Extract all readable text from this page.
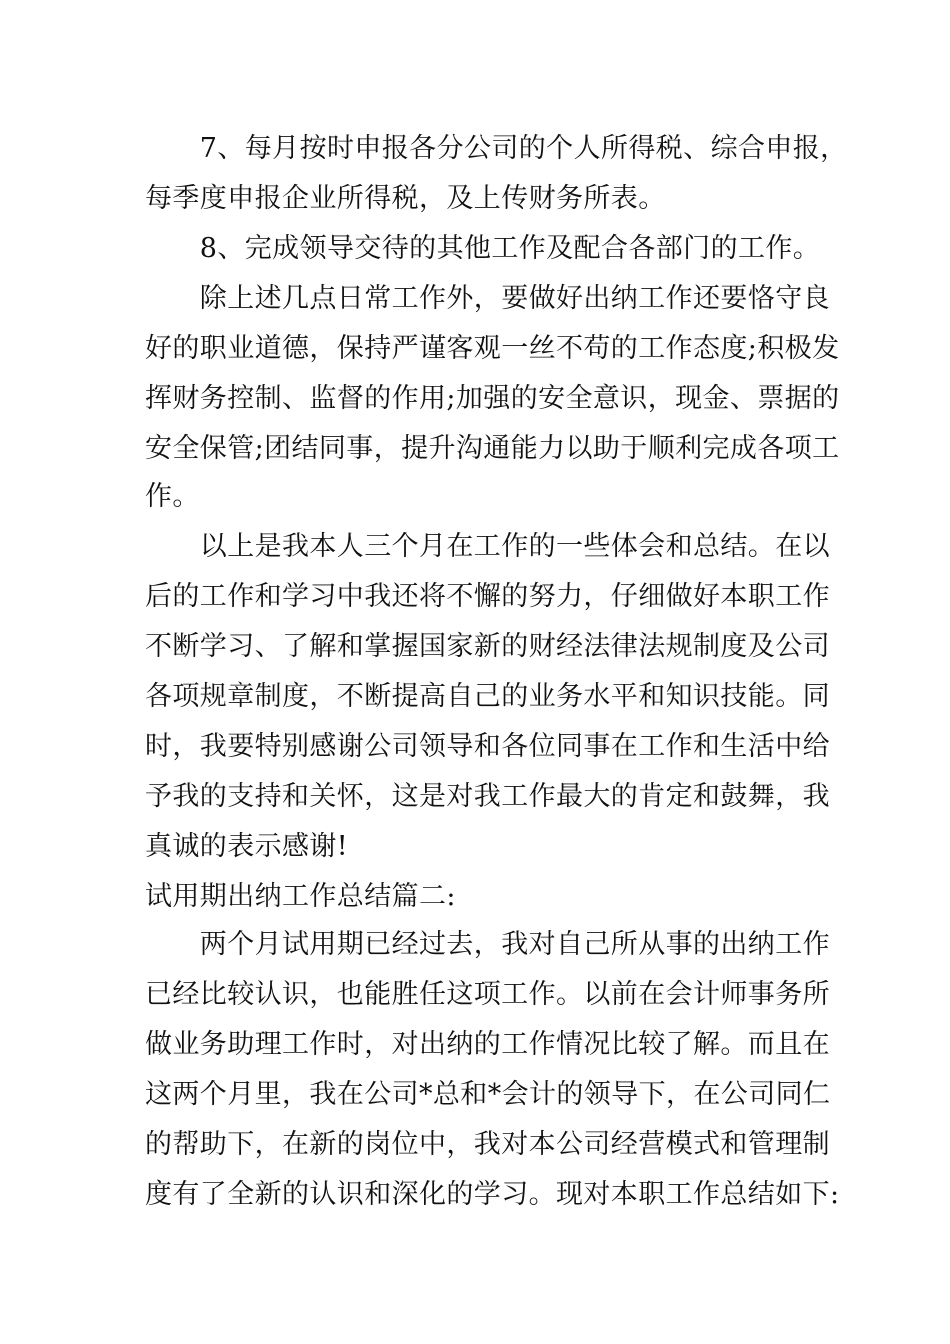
　　7、每月按时申报各分公司的个人所得税、综合申报，
每季度申报企业所得税，及上传财务所表。
　　8、完成领导交待的其他工作及配合各部门的工作。
　　除上述几点日常工作外，要做好出纳工作还要恪守良
好的职业道德，保持严谨客观一丝不苟的工作态度;积极发
挥财务控制、监督的作用;加强的安全意识，现金、票据的
安全保管;团结同事，提升沟通能力以助于顺利完成各项工
作。
　　以上是我本人三个月在工作的一些体会和总结。在以
后的工作和学习中我还将不懈的努力，仔细做好本职工作
不断学习、了解和掌握国家新的财经法律法规制度及公司
各项规章制度，不断提高自己的业务水平和知识技能。同
时，我要特别感谢公司领导和各位同事在工作和生活中给
予我的支持和关怀，这是对我工作最大的肯定和鼓舞，我
真诚的表示感谢!
试用期出纳工作总结篇二:
　　两个月试用期已经过去，我对自己所从事的出纳工作
已经比较认识，也能胜任这项工作。以前在会计师事务所
做业务助理工作时，对出纳的工作情况比较了解。而且在
这两个月里，我在公司*总和*会计的领导下，在公司同仁
的帮助下，在新的岗位中，我对本公司经营模式和管理制
度有了全新的认识和深化的学习。现对本职工作总结如下:
